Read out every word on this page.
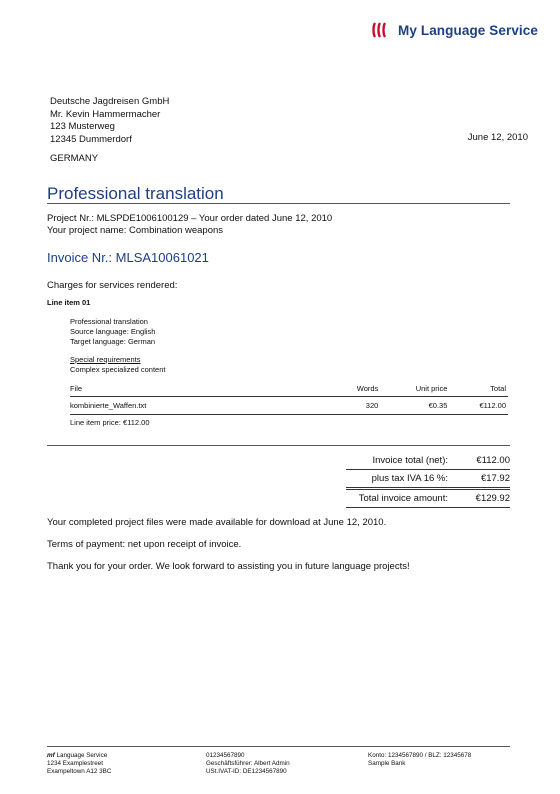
My Language Service
Deutsche Jagdreisen GmbH
Mr. Kevin Hammermacher
123 Musterweg
12345 Dummerdorf
GERMANY
June 12, 2010
Professional translation
Project Nr.: MLSPDE1006100129 – Your order dated June 12, 2010
Your project name: Combination weapons
Invoice Nr.: MLSA10061021
Charges for services rendered:
Line item 01
Professional translation
Source language: English
Target language: German
Special requirements
Complex specialized content
File	Words	Unit price	Total
kombinierte_Waffen.txt	320	€0.35	€112.00
Line item price: €112.00
Invoice total (net):	€112.00
plus tax IVA 16 %:	€17.92
Total invoice amount:	€129.92
Your completed project files were made available for download at June 12, 2010.
Terms of payment: net upon receipt of invoice.
Thank you for your order. We look forward to assisting you in future language projects!
mf Language Service
1234 Examplestreet
Exampeltown A12 3BC
01234567890
Geschäftsführer: Albert Admin
USt.IVAT-ID: DE1234567890
Konto: 1234567890 / BLZ: 12345678
Sample Bank
